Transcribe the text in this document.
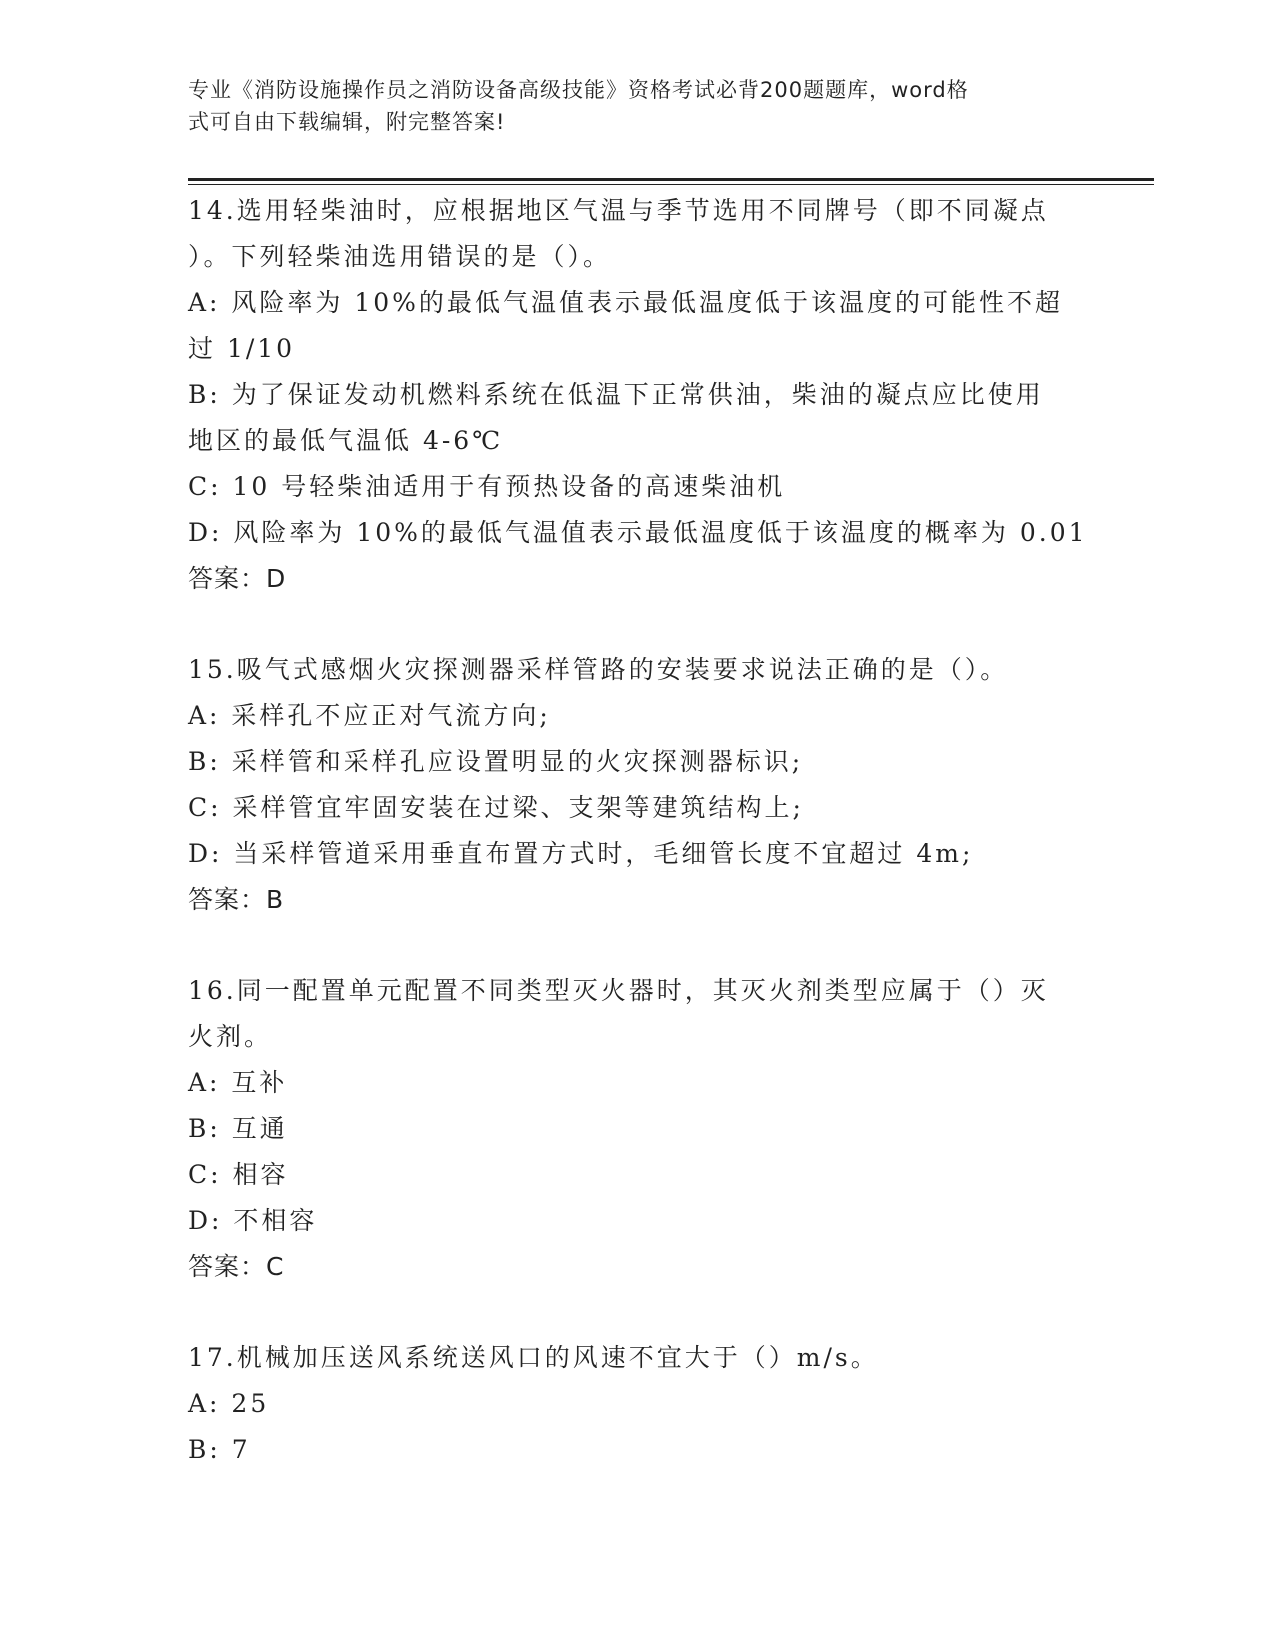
专业《消防设施操作员之消防设备高级技能》资格考试必背200题题库，word格
式可自由下载编辑，附完整答案!
14.选用轻柴油时，应根据地区气温与季节选用不同牌号（即不同凝点
）。下列轻柴油选用错误的是（）。
A: 风险率为 10%的最低气温值表示最低温度低于该温度的可能性不超
过 1/10
B: 为了保证发动机燃料系统在低温下正常供油，柴油的凝点应比使用
地区的最低气温低 4-6℃
C: 10 号轻柴油适用于有预热设备的高速柴油机
D: 风险率为 10%的最低气温值表示最低温度低于该温度的概率为 0.01
答案：D
15.吸气式感烟火灾探测器采样管路的安装要求说法正确的是（）。
A: 采样孔不应正对气流方向;
B: 采样管和采样孔应设置明显的火灾探测器标识;
C: 采样管宜牢固安装在过梁、支架等建筑结构上;
D: 当采样管道采用垂直布置方式时，毛细管长度不宜超过 4m;
答案：B
16.同一配置单元配置不同类型灭火器时，其灭火剂类型应属于（）灭
火剂。
A: 互补
B: 互通
C: 相容
D: 不相容
答案：C
17.机械加压送风系统送风口的风速不宜大于（）m/s。
A: 25
B: 7
